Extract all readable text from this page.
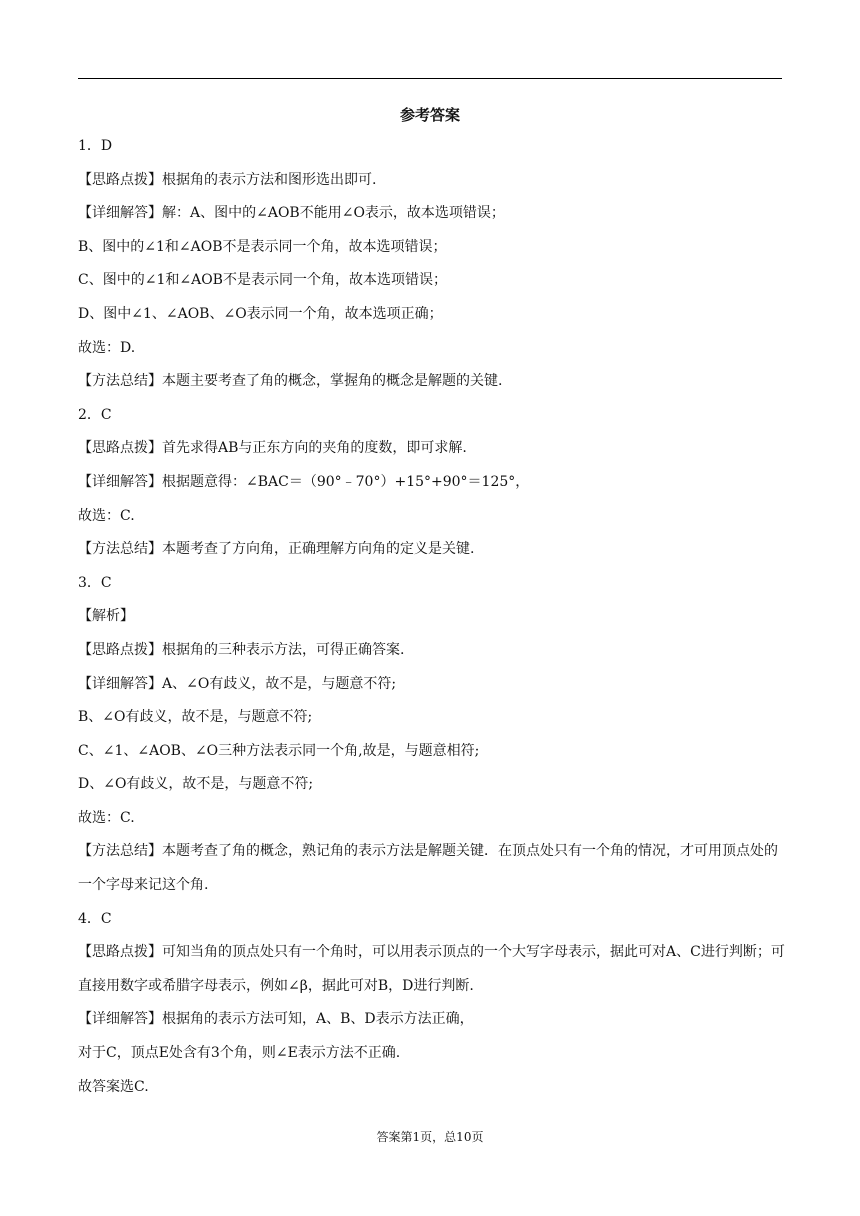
参考答案
1．D
【思路点拨】根据角的表示方法和图形选出即可.
【详细解答】解：A、图中的∠AOB不能用∠O表示，故本选项错误；
B、图中的∠1和∠AOB不是表示同一个角，故本选项错误；
C、图中的∠1和∠AOB不是表示同一个角，故本选项错误；
D、图中∠1、∠AOB、∠O表示同一个角，故本选项正确；
故选：D.
【方法总结】本题主要考查了角的概念，掌握角的概念是解题的关键.
2．C
【思路点拨】首先求得AB与正东方向的夹角的度数，即可求解.
【详细解答】根据题意得：∠BAC＝（90°﹣70°）+15°+90°＝125°，
故选：C.
【方法总结】本题考查了方向角，正确理解方向角的定义是关键.
3．C
【解析】
【思路点拨】根据角的三种表示方法，可得正确答案.
【详细解答】A、∠O有歧义，故不是，与题意不符;
B、∠O有歧义，故不是，与题意不符;
C、∠1、∠AOB、∠O三种方法表示同一个角,故是，与题意相符;
D、∠O有歧义，故不是，与题意不符;
故选：C.
【方法总结】本题考查了角的概念，熟记角的表示方法是解题关键．在顶点处只有一个角的情况，才可用顶点处的一个字母来记这个角.
4．C
【思路点拨】可知当角的顶点处只有一个角时，可以用表示顶点的一个大写字母表示，据此可对A、C进行判断；可直接用数字或希腊字母表示，例如∠β，据此可对B，D进行判断.
【详细解答】根据角的表示方法可知，A、B、D表示方法正确，
对于C，顶点E处含有3个角，则∠E表示方法不正确.
故答案选C.
答案第1页，总10页
